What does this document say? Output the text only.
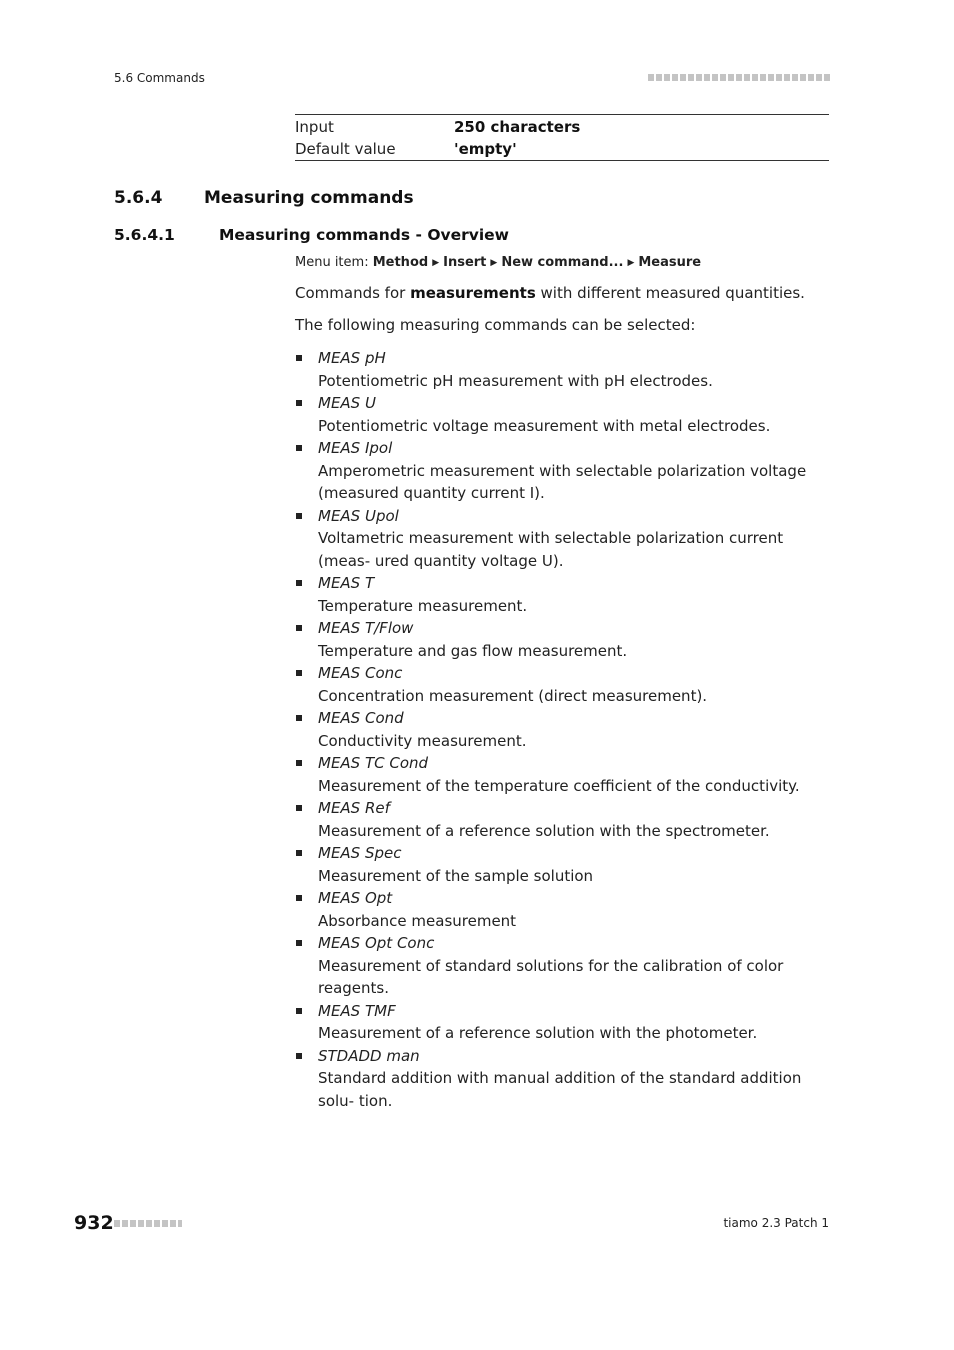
5.6 Commands
Input	250 characters
Default value	'empty'
5.6.4 Measuring commands
5.6.4.1	Measuring commands - Overview
Menu item: Method ▶ Insert ▶ New command... ▶ Measure
Commands for measurements with different measured quantities.
The following measuring commands can be selected:
MEAS pH
Potentiometric pH measurement with pH electrodes.
MEAS U
Potentiometric voltage measurement with metal electrodes.
MEAS Ipol
Amperometric measurement with selectable polarization voltage (measured quantity current I).
MEAS Upol
Voltametric measurement with selectable polarization current (meas- ured quantity voltage U).
MEAS T
Temperature measurement.
MEAS T/Flow
Temperature and gas flow measurement.
MEAS Conc
Concentration measurement (direct measurement).
MEAS Cond
Conductivity measurement.
MEAS TC Cond
Measurement of the temperature coefficient of the conductivity.
MEAS Ref
Measurement of a reference solution with the spectrometer.
MEAS Spec
Measurement of the sample solution
MEAS Opt
Absorbance measurement
MEAS Opt Conc
Measurement of standard solutions for the calibration of color reagents.
MEAS TMF
Measurement of a reference solution with the photometer.
STDADD man
Standard addition with manual addition of the standard addition solu- tion.
932	tiamo 2.3 Patch 1
